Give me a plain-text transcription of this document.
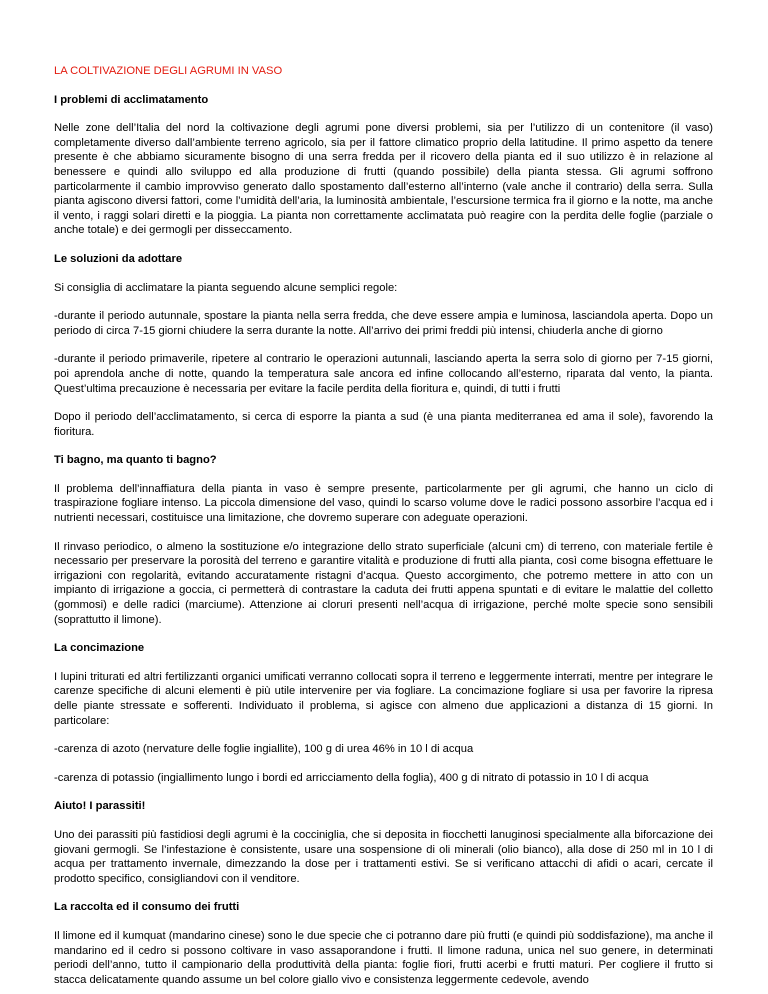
LA COLTIVAZIONE DEGLI AGRUMI IN VASO
I problemi di acclimatamento
Nelle zone dell’Italia del nord la coltivazione degli agrumi pone diversi problemi, sia per l’utilizzo di un contenitore (il vaso) completamente diverso dall’ambiente terreno agricolo, sia per il fattore climatico proprio della latitudine. Il primo aspetto da tenere presente è che abbiamo sicuramente bisogno di una serra fredda per il ricovero della pianta ed il suo utilizzo è in relazione al benessere e quindi allo sviluppo ed alla produzione di frutti (quando possibile) della pianta stessa. Gli agrumi soffrono particolarmente il cambio improvviso generato dallo spostamento dall’esterno all’interno (vale anche il contrario) della serra. Sulla pianta agiscono diversi fattori, come l’umidità dell’aria, la luminosità ambientale, l’escursione termica fra il giorno e la notte, ma anche il vento, i raggi solari diretti e la pioggia. La pianta non correttamente acclimatata può reagire con la perdita delle foglie (parziale o anche totale) e dei germogli per disseccamento.
Le soluzioni da adottare
Si consiglia di acclimatare la pianta seguendo alcune semplici regole:
-durante il periodo autunnale, spostare la pianta nella serra fredda, che deve essere ampia e luminosa, lasciandola aperta. Dopo un periodo di circa 7-15 giorni chiudere la serra durante la notte. All’arrivo dei primi freddi più intensi, chiuderla anche di giorno
-durante il periodo primaverile, ripetere al contrario le operazioni autunnali, lasciando aperta la serra solo di giorno per 7-15 giorni, poi aprendola anche di notte, quando la temperatura sale ancora ed infine collocando all’esterno, riparata dal vento, la pianta. Quest’ultima precauzione è necessaria per evitare la facile perdita della fioritura e, quindi, di tutti i frutti
Dopo il periodo dell’acclimatamento, si cerca di esporre la pianta a sud (è una pianta mediterranea ed ama il sole), favorendo la fioritura.
Ti bagno, ma quanto ti bagno?
Il problema dell’innaffiatura della pianta in vaso è sempre presente, particolarmente per gli agrumi, che hanno un ciclo di traspirazione fogliare intenso. La piccola dimensione del vaso, quindi lo scarso volume dove le radici possono assorbire l’acqua ed i nutrienti necessari, costituisce una limitazione, che dovremo superare con adeguate operazioni.
Il rinvaso periodico, o almeno la sostituzione e/o integrazione dello strato superficiale (alcuni cm) di terreno, con materiale fertile è necessario per preservare la porosità del terreno e garantire vitalità e produzione di frutti alla pianta, così come bisogna effettuare le irrigazioni con regolarità, evitando accuratamente ristagni d’acqua. Questo accorgimento, che potremo mettere in atto con un impianto di irrigazione a goccia, ci permetterà di contrastare la caduta dei frutti appena spuntati e di evitare le malattie del colletto (gommosi) e delle radici (marciume). Attenzione ai cloruri presenti nell’acqua di irrigazione, perché molte specie sono sensibili (soprattutto il limone).
La concimazione
I lupini triturati ed altri fertilizzanti organici umificati verranno collocati sopra il terreno e leggermente interrati, mentre per integrare le carenze specifiche di alcuni elementi è più utile intervenire per via fogliare. La concimazione fogliare si usa per favorire la ripresa delle piante stressate e sofferenti. Individuato il problema, si agisce con almeno due applicazioni a distanza di 15 giorni. In particolare:
-carenza di azoto (nervature delle foglie ingiallite), 100 g di urea 46% in 10 l di acqua
-carenza di potassio (ingiallimento lungo i bordi ed arricciamento della foglia), 400 g di nitrato di potassio in 10 l di acqua
Aiuto! I parassiti!
Uno dei parassiti più fastidiosi degli agrumi è la cocciniglia, che si deposita in fiocchetti lanuginosi specialmente alla biforcazione dei giovani germogli. Se l’infestazione è consistente, usare una sospensione di oli minerali (olio bianco), alla dose di 250 ml in 10 l di acqua per trattamento invernale, dimezzando la dose per i trattamenti estivi. Se si verificano attacchi di afidi o acari, cercate il prodotto specifico, consigliandovi con il venditore.
La raccolta ed il consumo dei frutti
Il limone ed il kumquat (mandarino cinese) sono le due specie che ci potranno dare più frutti (e quindi più soddisfazione), ma anche il mandarino ed il cedro si possono coltivare in vaso assaporandone i frutti. Il limone raduna, unica nel suo genere, in determinati periodi dell’anno, tutto il campionario della produttività della pianta: foglie fiori, frutti acerbi e frutti maturi. Per cogliere il frutto si stacca delicatamente quando assume un bel colore giallo vivo e consistenza leggermente cedevole, avendo
